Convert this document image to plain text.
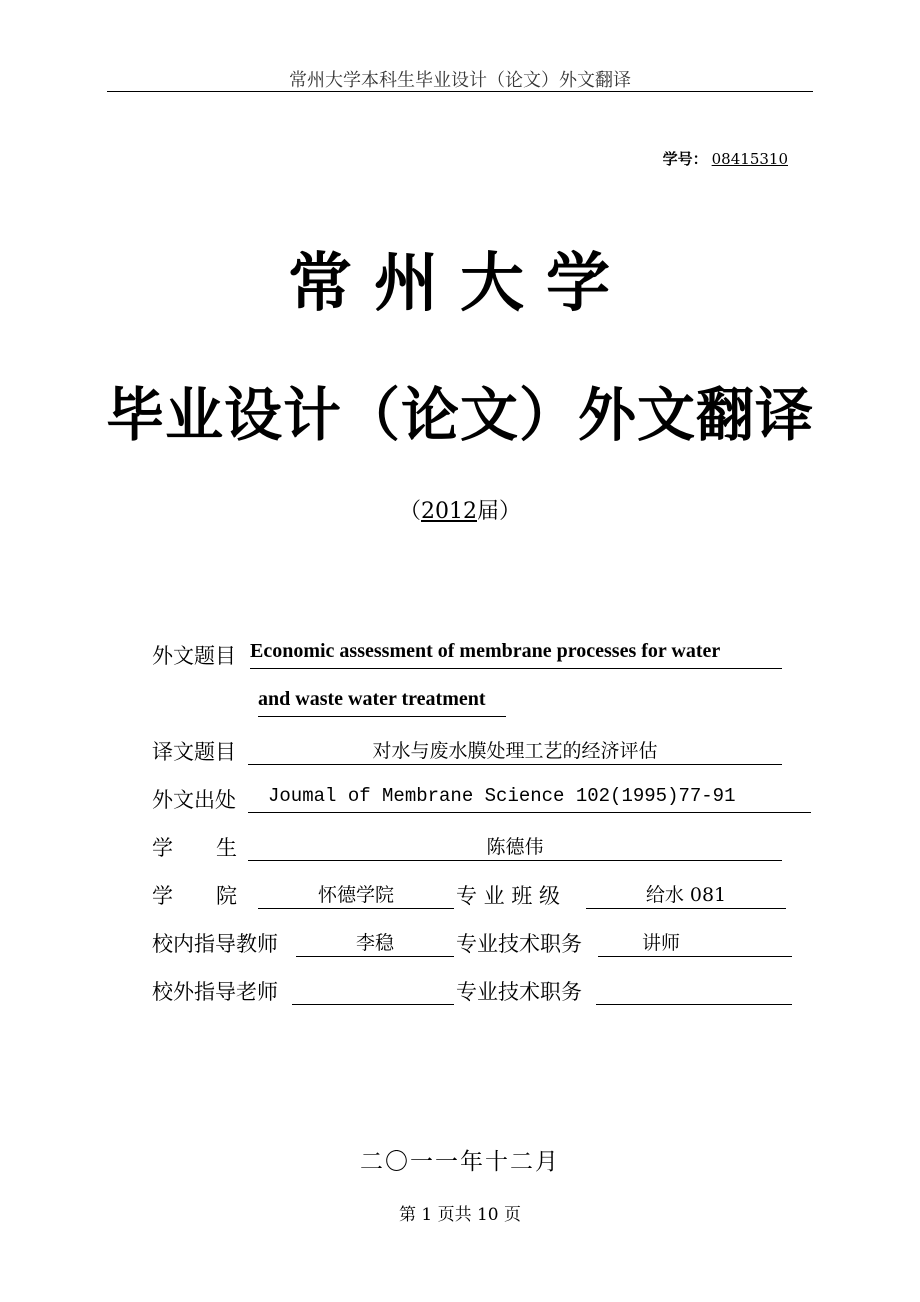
常州大学本科生毕业设计（论文）外文翻译
学号： 08415310
常州大学
毕业设计（论文）外文翻译
（2012届）
外文题目 Economic assessment of membrane processes for water
and waste water treatment
译文题目	对水与废水膜处理工艺的经济评估
外文出处	Joumal of Membrane Science 102(1995)77-91
学 生	陈德伟
学 院	怀德学院	专 业 班 级	给水 081
校内指导教师	李稳	专业技术职务	讲师
校外指导老师	专业技术职务
二〇一一年十二月
第 1 页共 10 页
